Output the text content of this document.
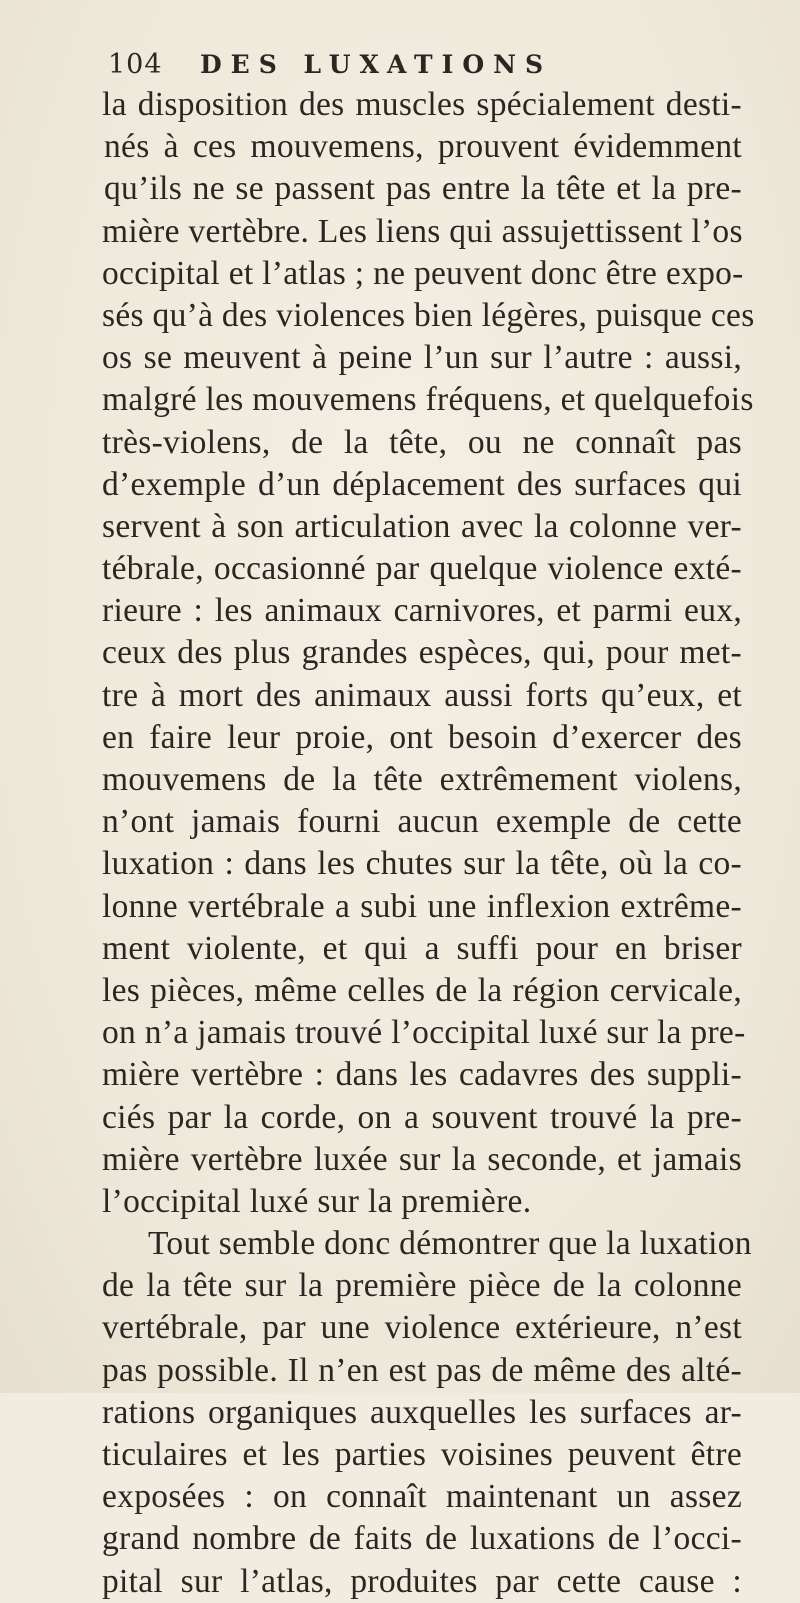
104 DES LUXATIONS
la disposition des muscles spécialement desti-
nés à ces mouvemens, prouvent évidemment
qu’ils ne se passent pas entre la tête et la pre-
mière vertèbre. Les liens qui assujettissent l’os
occipital et l’atlas ; ne peuvent donc être expo-
sés qu’à des violences bien légères, puisque ces
os se meuvent à peine l’un sur l’autre : aussi,
malgré les mouvemens fréquens, et quelquefois
très-violens, de la tête, ou ne connaît pas
d’exemple d’un déplacement des surfaces qui
servent à son articulation avec la colonne ver-
tébrale, occasionné par quelque violence exté-
rieure : les animaux carnivores, et parmi eux,
ceux des plus grandes espèces, qui, pour met-
tre à mort des animaux aussi forts qu’eux, et
en faire leur proie, ont besoin d’exercer des
mouvemens de la tête extrêmement violens,
n’ont jamais fourni aucun exemple de cette
luxation : dans les chutes sur la tête, où la co-
lonne vertébrale a subi une inflexion extrême-
ment violente, et qui a suffi pour en briser
les pièces, même celles de la région cervicale,
on n’a jamais trouvé l’occipital luxé sur la pre-
mière vertèbre : dans les cadavres des suppli-
ciés par la corde, on a souvent trouvé la pre-
mière vertèbre luxée sur la seconde, et jamais
l’occipital luxé sur la première.
Tout semble donc démontrer que la luxation
de la tête sur la première pièce de la colonne
vertébrale, par une violence extérieure, n’est
pas possible. Il n’en est pas de même des alté-
rations organiques auxquelles les surfaces ar-
ticulaires et les parties voisines peuvent être
exposées : on connaît maintenant un assez
grand nombre de faits de luxations de l’occi-
pital sur l’atlas, produites par cette cause :
